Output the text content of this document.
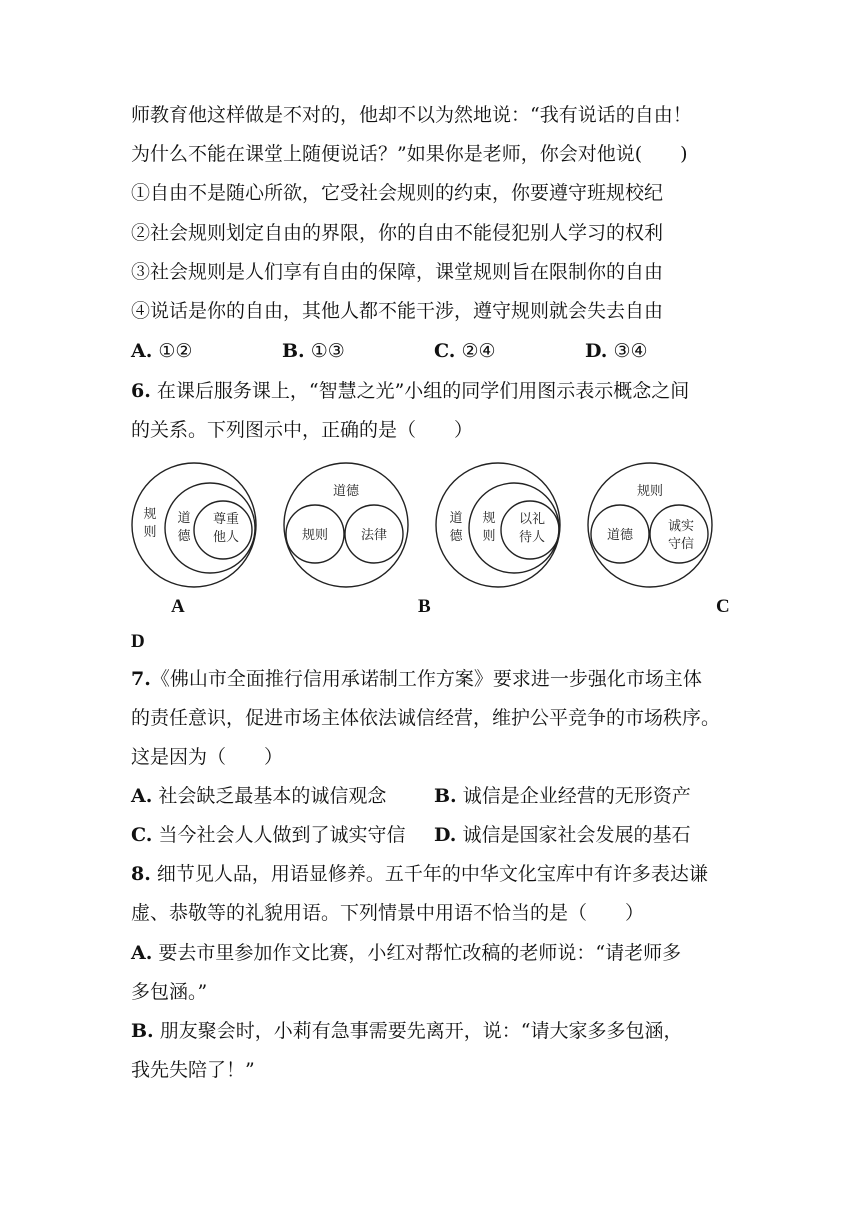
师教育他这样做是不对的，他却不以为然地说：“我有说话的自由！
为什么不能在课堂上随便说话？”如果你是老师，你会对他说(　　)
①自由不是随心所欲，它受社会规则的约束，你要遵守班规校纪
②社会规则划定自由的界限，你的自由不能侵犯别人学习的权利
③社会规则是人们享有自由的保障，课堂规则旨在限制你的自由
④说话是你的自由，其他人都不能干涉，遵守规则就会失去自由
A. ①②	B. ①③	C. ②④	D. ③④
6. 在课后服务课上，“智慧之光”小组的同学们用图示表示概念之间
的关系。下列图示中，正确的是（　　）
规
则
道
德
尊重
他人
道德
规则	法律
道
德
规
则
以礼
待人
规则
道德
诚实
守信
A	B	C
D
7.《佛山市全面推行信用承诺制工作方案》要求进一步强化市场主体
的责任意识，促进市场主体依法诚信经营，维护公平竞争的市场秩序。
这是因为（　　）
A. 社会缺乏最基本的诚信观念	B. 诚信是企业经营的无形资产
C. 当今社会人人做到了诚实守信 D. 诚信是国家社会发展的基石
8. 细节见人品，用语显修养。五千年的中华文化宝库中有许多表达谦
虚、恭敬等的礼貌用语。下列情景中用语不恰当的是（　　）
A. 要去市里参加作文比赛，小红对帮忙改稿的老师说：“请老师多
多包涵。”
B. 朋友聚会时，小莉有急事需要先离开，说：“请大家多多包涵，
我先失陪了！”
